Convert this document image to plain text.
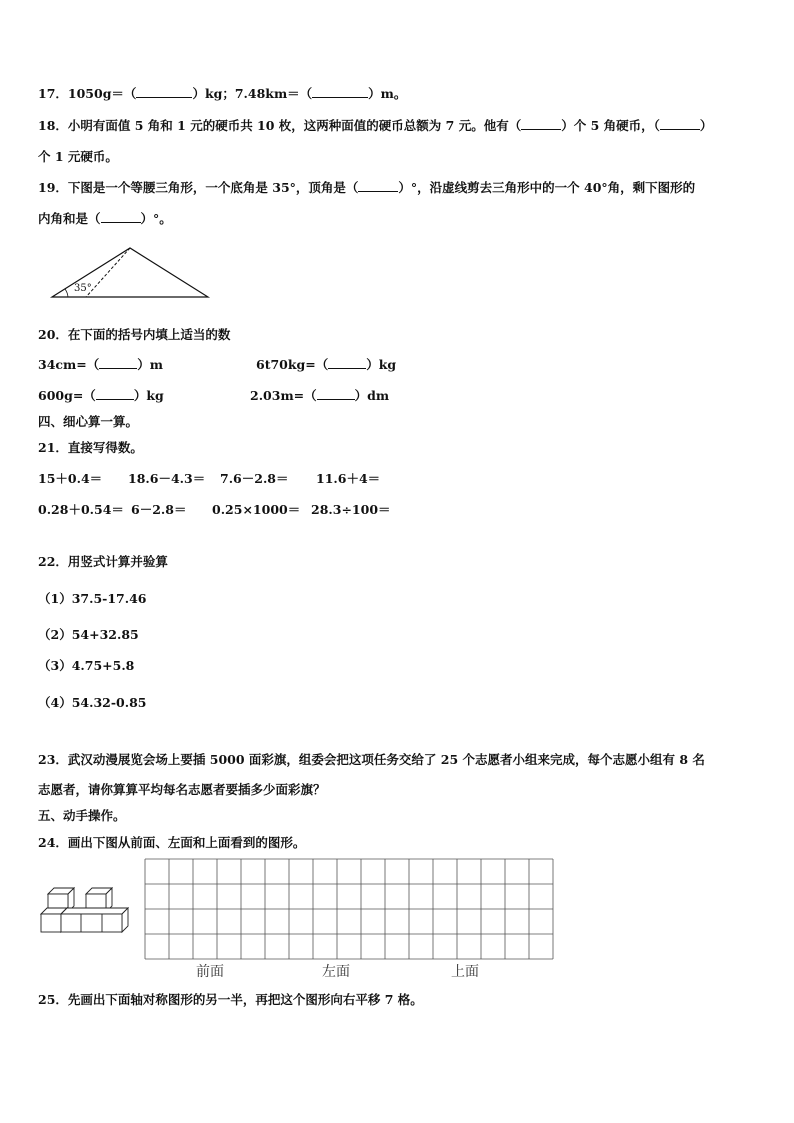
17．1050g＝（	）kg；7.48km＝（	）m。
18．小明有面值 5 角和 1 元的硬币共 10 枚，这两种面值的硬币总额为 7 元。他有（	）个 5 角硬币，（	）
个 1 元硬币。
19．下图是一个等腰三角形，一个底角是 35°，顶角是（	）°，沿虚线剪去三角形中的一个 40°角，剩下图形的
内角和是（	）°。
35°
20．在下面的括号内填上适当的数
34cm=（	）m	6t70kg=（	）kg
600g=（	）kg	2.03m=（	）dm
四、细心算一算。
21．直接写得数。
15＋0.4＝ 18.6－4.3＝ 7.6－2.8＝ 11.6＋4＝
0.28＋0.54＝ 6－2.8＝ 0.25×1000＝ 28.3÷100＝
22．用竖式计算并验算
（1）37.5-17.46
（2）54+32.85
（3）4.75+5.8
（4）54.32-0.85
23．武汉动漫展览会场上要插 5000 面彩旗，组委会把这项任务交给了 25 个志愿者小组来完成，每个志愿小组有 8 名
志愿者，请你算算平均每名志愿者要插多少面彩旗？
五、动手操作。
24．画出下图从前面、左面和上面看到的图形。
前面	左面	上面
25．先画出下面轴对称图形的另一半，再把这个图形向右平移 7 格。
